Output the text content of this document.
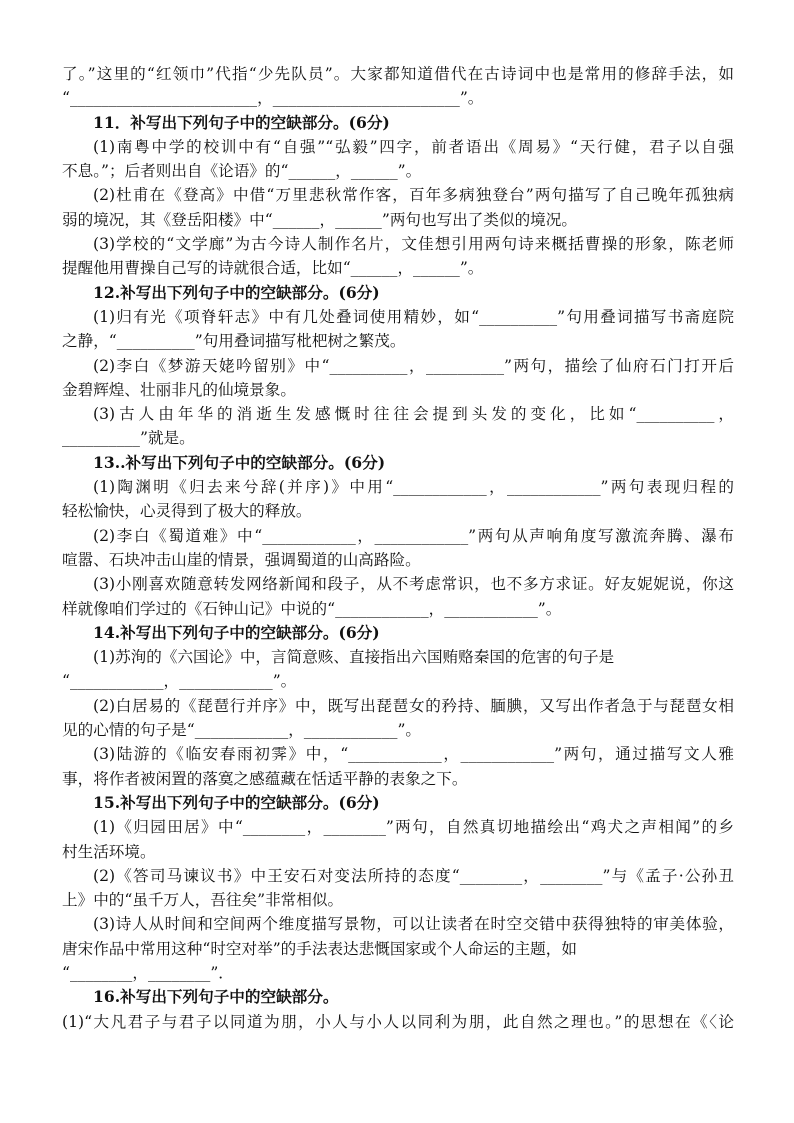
了。”这里的“红领巾”代指“少先队员”。大家都知道借代在古诗词中也是常用的修辞手法，如
“________________________，________________________”。
11．补写出下列句子中的空缺部分。(6分)
(1)南粤中学的校训中有“自强”“弘毅”四字，前者语出《周易》“天行健，君子以自强
不息。”；后者则出自《论语》的“______，______”。
(2)杜甫在《登高》中借“万里悲秋常作客，百年多病独登台”两句描写了自己晚年孤独病
弱的境况，其《登岳阳楼》中“______，______”两句也写出了类似的境况。
(3)学校的“文学廊”为古今诗人制作名片，文佳想引用两句诗来概括曹操的形象，陈老师
提醒他用曹操自己写的诗就很合适，比如“______，______”。
12.补写出下列句子中的空缺部分。(6分)
(1)归有光《项脊轩志》中有几处叠词使用精妙，如“__________”句用叠词描写书斋庭院
之静，“__________”句用叠词描写枇杷树之繁茂。
(2)李白《梦游天姥吟留别》中“__________，__________”两句，描绘了仙府石门打开后
金碧辉煌、壮丽非凡的仙境景象。
(3)古人由年华的消逝生发感慨时往往会提到头发的变化，比如“__________，
__________”就是。
13..补写出下列句子中的空缺部分。(6分)
(1)陶渊明《归去来兮辞(并序)》中用“____________，____________”两句表现归程的
轻松愉快，心灵得到了极大的释放。
(2)李白《蜀道难》中“____________，____________”两句从声响角度写激流奔腾、瀑布
喧嚣、石块冲击山崖的情景，强调蜀道的山高路险。
(3)小刚喜欢随意转发网络新闻和段子，从不考虑常识，也不多方求证。好友妮妮说，你这
样就像咱们学过的《石钟山记》中说的“____________，____________”。
14.补写出下列句子中的空缺部分。(6分)
(1)苏洵的《六国论》中，言简意赅、直接指出六国贿赂秦国的危害的句子是
“____________，____________”。
(2)白居易的《琵琶行并序》中，既写出琵琶女的矜持、腼腆，又写出作者急于与琵琶女相
见的心情的句子是“____________，____________”。
(3)陆游的《临安春雨初霁》中，“____________，____________”两句，通过描写文人雅
事，将作者被闲置的落寞之感蕴藏在恬适平静的表象之下。
15.补写出下列句子中的空缺部分。(6分)
(1)《归园田居》中“________，________”两句，自然真切地描绘出“鸡犬之声相闻”的乡
村生活环境。
(2)《答司马谏议书》中王安石对变法所持的态度“________，________”与《孟子·公孙丑
上》中的“虽千万人，吾往矣”非常相似。
(3)诗人从时间和空间两个维度描写景物，可以让读者在时空交错中获得独特的审美体验，
唐宋作品中常用这种“时空对举”的手法表达悲慨国家或个人命运的主题，如
“________，________”．
16.补写出下列句子中的空缺部分。
(1)“大凡君子与君子以同道为朋，小人与小人以同利为朋，此自然之理也。”的思想在《〈论
